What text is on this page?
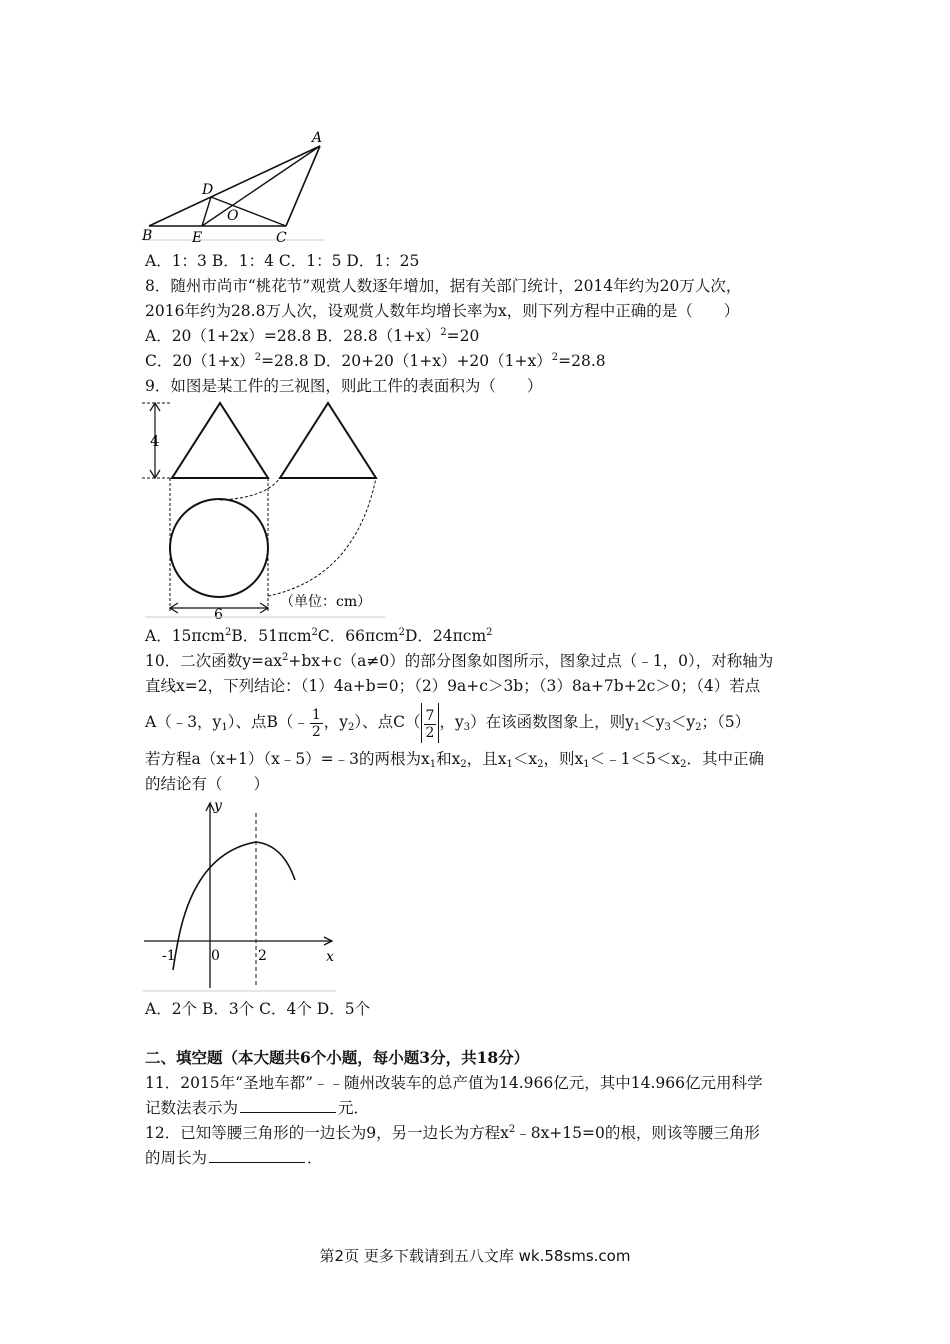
A
B	C
D
E
O
A．1：3 B．1：4 C．1：5 D．1：25
8．随州市尚市“桃花节”观赏人数逐年增加，据有关部门统计，2014年约为20万人次，
2016年约为28.8万人次，设观赏人数年均增长率为x，则下列方程中正确的是（　　）
A．20（1+2x）=28.8 B．$28.8(1+x)^2=20$
C．$20(1+x)^2=28.8$ D．$20+20(1+x)+20(1+x)^2=28.8$
9．如图是某工件的三视图，则此工件的表面积为（　　）
4
6
（单位：cm）
A．15πcm$^2$B．51πcm$^2$C．66πcm$^2$D．24πcm$^2$
10．二次函数$y=ax^2+bx+c(a\ne 0)$的部分图象如图所示，图象过点（﹣1，0），对称轴为
直线x=2，下列结论：（1）4a+b=0；（2）9a+c＞3b；（3）8a+7b+2c＞0；（4）若点
A（﹣3，$y_1$）、点B（﹣ $\frac{1}{2}$ ，$y_2$）、点$C( \frac{7}{2}$ ，$y_3$）在该函数图象上，则$y_1<y_3<y_2$；（5）
若方程a（x+1）（x﹣5）=﹣3的两根为$x_1$和$x_2$，且$x_1<x_2$，则$x_1<﹣1<5<x_2$．其中正确
的结论有（　　）
y
x
-1	0	2
A．2个 B．3个 C．4个 D．5个
二、填空题（本大题共6个小题，每小题3分，共18分）
11．2015年“圣地车都”﹣﹣随州改装车的总产值为14.966亿元，其中14.966亿元用科学
记数法表示为	元．
12．已知等腰三角形的一边长为9，另一边长为方程$x^2﹣8x+15=0$的根，则该等腰三角形
的周长为	．
第2页 更多下载请到五八文库 wk.58sms.com
